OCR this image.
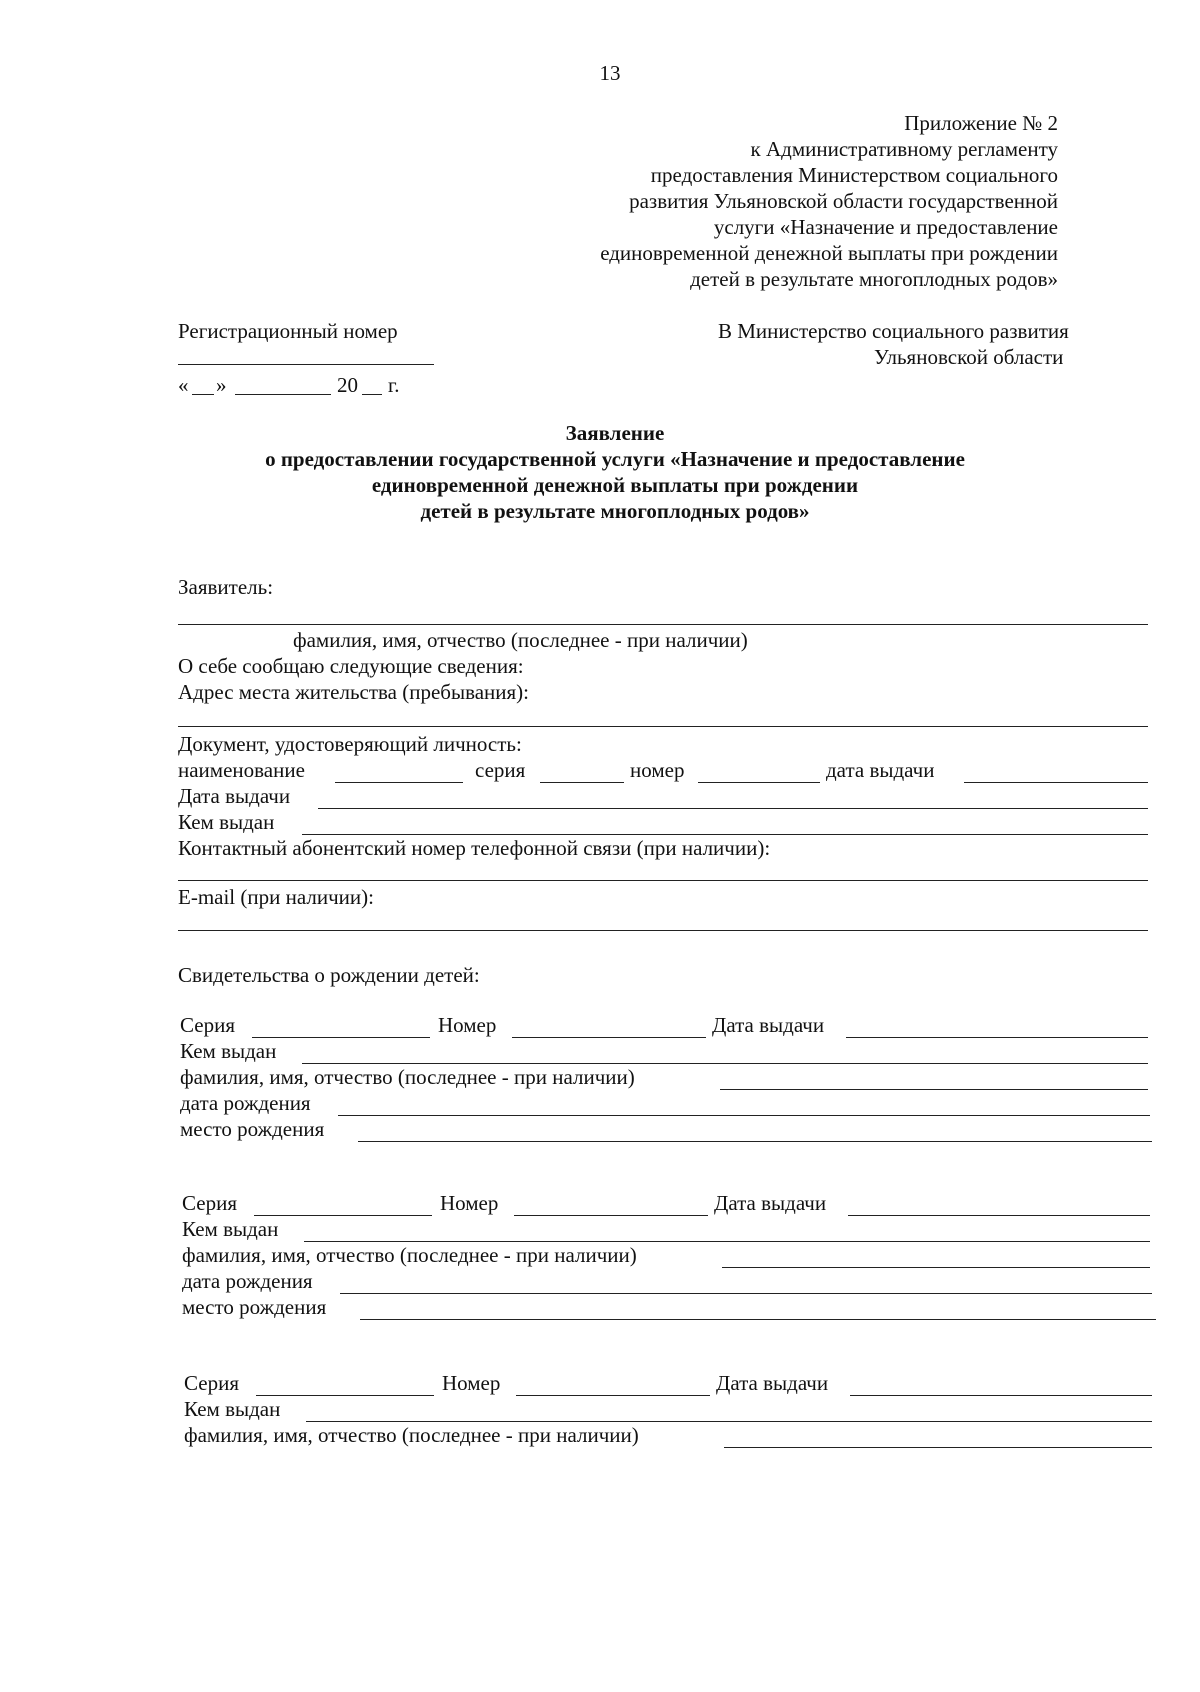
13
Приложение № 2
к Административному регламенту
предоставления Министерством социального
развития Ульяновской области государственной
услуги «Назначение и предоставление
единовременной денежной выплаты при рождении
детей в результате многоплодных родов»
Регистрационный номер
« »	20 г.
В Министерство социального развития
Ульяновской области
Заявление
о предоставлении государственной услуги «Назначение и предоставление
единовременной денежной выплаты при рождении
детей в результате многоплодных родов»
Заявитель:
фамилия, имя, отчество (последнее - при наличии)
О себе сообщаю следующие сведения:
Адрес места жительства (пребывания):
Документ, удостоверяющий личность:
наименование	серия	номер	дата выдачи
Дата выдачи
Кем выдан
Контактный абонентский номер телефонной связи (при наличии):
E-mail (при наличии):
Свидетельства о рождении детей:
Серия	Номер	Дата выдачи
Кем выдан
фамилия, имя, отчество (последнее - при наличии)
дата рождения
место рождения
Серия	Номер	Дата выдачи
Кем выдан
фамилия, имя, отчество (последнее - при наличии)
дата рождения
место рождения
Серия	Номер	Дата выдачи
Кем выдан
фамилия, имя, отчество (последнее - при наличии)
